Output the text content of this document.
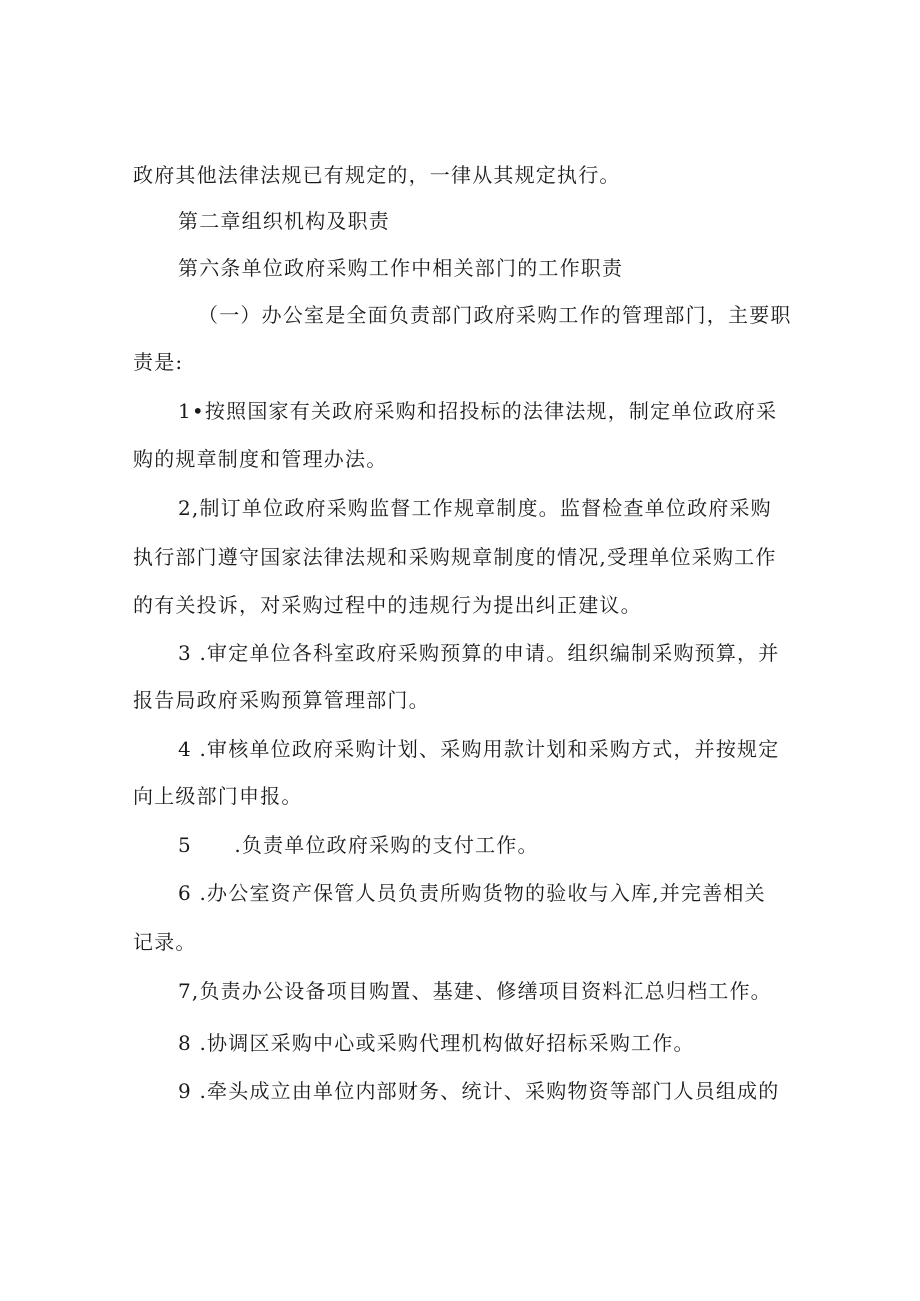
政府其他法律法规已有规定的，一律从其规定执行。
第二章组织机构及职责
第六条单位政府采购工作中相关部门的工作职责
（一）办公室是全面负责部门政府采购工作的管理部门，主要职
责是:
1•按照国家有关政府采购和招投标的法律法规，制定单位政府采
购的规章制度和管理办法。
2,制订单位政府采购监督工作规章制度。监督检查单位政府采购
执行部门遵守国家法律法规和采购规章制度的情况,受理单位采购工作
的有关投诉，对采购过程中的违规行为提出纠正建议。
3 .审定单位各科室政府采购预算的申请。组织编制采购预算，并
报告局政府采购预算管理部门。
4 .审核单位政府采购计划、采购用款计划和采购方式，并按规定
向上级部门申报。
5　　.负责单位政府采购的支付工作。
6 .办公室资产保管人员负责所购货物的验收与入库,并完善相关
记录。
7,负责办公设备项目购置、基建、修缮项目资料汇总归档工作。
8 .协调区采购中心或采购代理机构做好招标采购工作。
9 .牵头成立由单位内部财务、统计、采购物资等部门人员组成的
